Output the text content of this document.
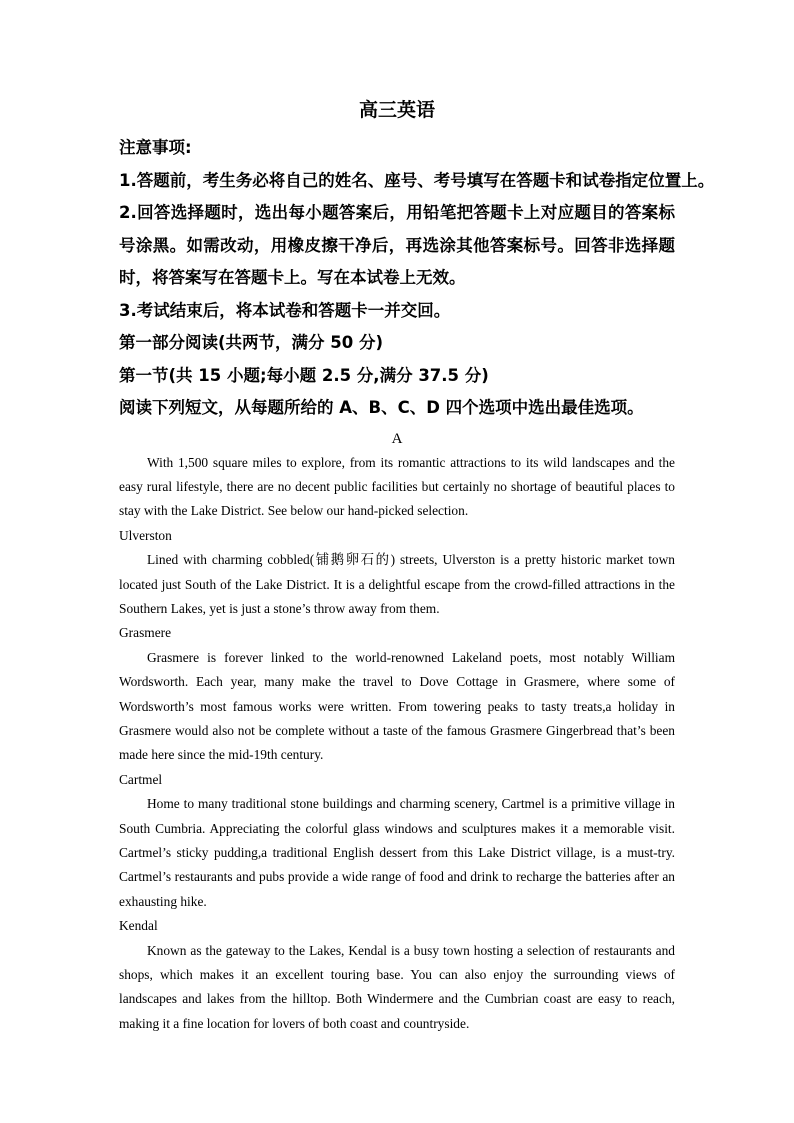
高三英语
注意事项:
1.答题前，考生务必将自己的姓名、座号、考号填写在答题卡和试卷指定位置上。
2.回答选择题时，选出每小题答案后，用铅笔把答题卡上对应题目的答案标号涂黑。如需改动，用橡皮擦干净后，再选涂其他答案标号。回答非选择题时，将答案写在答题卡上。写在本试卷上无效。
3.考试结束后，将本试卷和答题卡一并交回。
第一部分阅读(共两节，满分 50 分)
第一节(共 15 小题;每小题 2.5 分,满分 37.5 分)
阅读下列短文，从每题所给的 A、B、C、D 四个选项中选出最佳选项。
A

With 1,500 square miles to explore, from its romantic attractions to its wild landscapes and the easy rural lifestyle, there are no decent public facilities but certainly no shortage of beautiful places to stay with the Lake District. See below our hand-picked selection.

Ulverston

Lined with charming cobbled(铺鹅卵石的) streets, Ulverston is a pretty historic market town located just South of the Lake District. It is a delightful escape from the crowd-filled attractions in the Southern Lakes, yet is just a stone’s throw away from them.

Grasmere

Grasmere is forever linked to the world-renowned Lakeland poets, most notably William Wordsworth. Each year, many make the travel to Dove Cottage in Grasmere, where some of Wordsworth’s most famous works were written. From towering peaks to tasty treats,a holiday in Grasmere would also not be complete without a taste of the famous Grasmere Gingerbread that’s been made here since the mid-19th century.

Cartmel

Home to many traditional stone buildings and charming scenery, Cartmel is a primitive village in South Cumbria. Appreciating the colorful glass windows and sculptures makes it a memorable visit. Cartmel’s sticky pudding,a traditional English dessert from this Lake District village, is a must-try. Cartmel’s restaurants and pubs provide a wide range of food and drink to recharge the batteries after an exhausting hike.

Kendal

Known as the gateway to the Lakes, Kendal is a busy town hosting a selection of restaurants and shops, which makes it an excellent touring base. You can also enjoy the surrounding views of landscapes and lakes from the hilltop. Both Windermere and the Cumbrian coast are easy to reach, making it a fine location for lovers of both coast and countryside.
